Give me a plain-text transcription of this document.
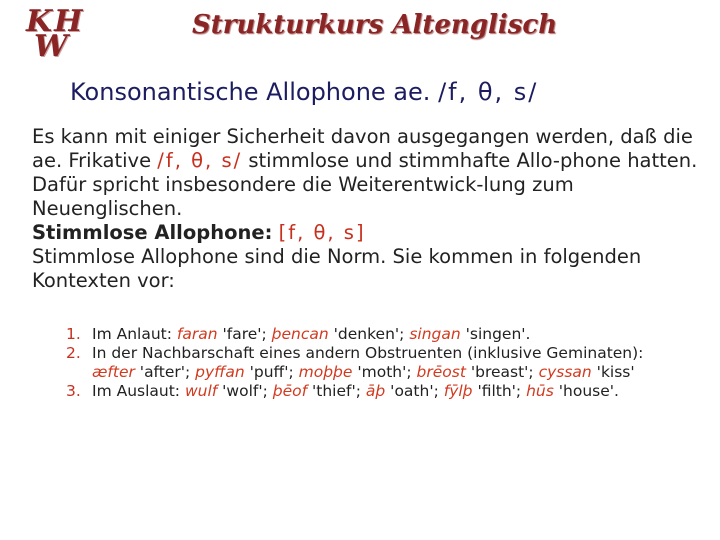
KH
W
Strukturkurs Altenglisch
Konsonantische Allophone ae. /f, θ, s/

Es kann mit einiger Sicherheit davon ausgegangen werden, daß die ae. Frikative /f, θ, s/ stimmlose und stimmhafte Allo-phone hatten. Dafür spricht insbesondere die Weiterentwick-lung zum Neuenglischen.

Stimmlose Allophone: [f, θ, s]

Stimmlose Allophone sind die Norm. Sie kommen in folgenden Kontexten vor:

1. Im Anlaut: faran 'fare'; þencan 'denken'; singan 'singen'.
2. In der Nachbarschaft eines andern Obstruenten (inklusive Geminaten): æfter 'after'; pyffan 'puff'; moþþe 'moth'; brēost 'breast'; cyssan 'kiss'
3. Im Auslaut: wulf 'wolf'; þēof 'thief'; āþ 'oath'; fȳlþ 'filth'; hūs 'house'.
